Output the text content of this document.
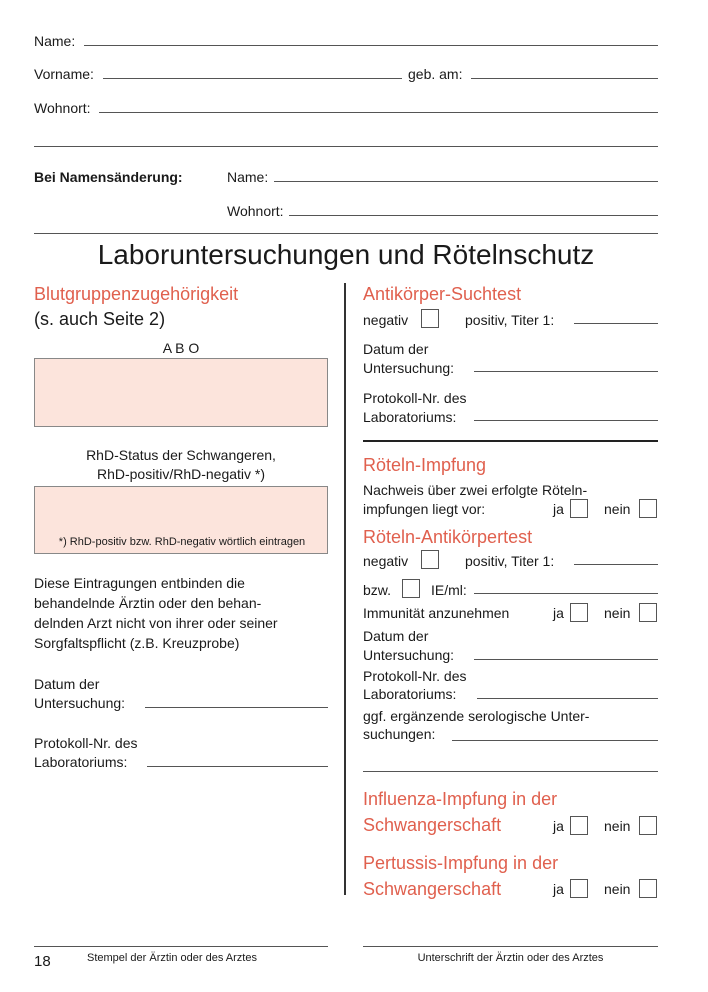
Name:
Vorname:	geb. am:
Wohnort:
Bei Namensänderung:	Name:
Wohnort:
Laboruntersuchungen und Rötelnschutz
Blutgruppenzugehörigkeit
(s. auch Seite 2)
A B O
RhD-Status der Schwangeren,
RhD-positiv/RhD-negativ *)
*) RhD-positiv bzw. RhD-negativ wörtlich eintragen
Diese Eintragungen entbinden die
behandelnde Ärztin oder den behan-
delnden Arzt nicht von ihrer oder seiner
Sorgfaltspflicht (z.B. Kreuzprobe)
Datum der
Untersuchung:
Protokoll-Nr. des
Laboratoriums:
Antikörper-Suchtest
negativ	positiv, Titer 1:
Datum der
Untersuchung:
Protokoll-Nr. des
Laboratoriums:
Röteln-Impfung
Nachweis über zwei erfolgte Röteln-
impfungen liegt vor:	ja	nein
Röteln-Antikörpertest
negativ	positiv, Titer 1:
bzw.	IE/ml:
Immunität anzunehmen	ja	nein
Datum der
Untersuchung:
Protokoll-Nr. des
Laboratoriums:
ggf. ergänzende serologische Unter-
suchungen:
Influenza-Impfung in der
Schwangerschaft	ja	nein
Pertussis-Impfung in der
Schwangerschaft	ja	nein
18	Stempel der Ärztin oder des Arztes	Unterschrift der Ärztin oder des Arztes
